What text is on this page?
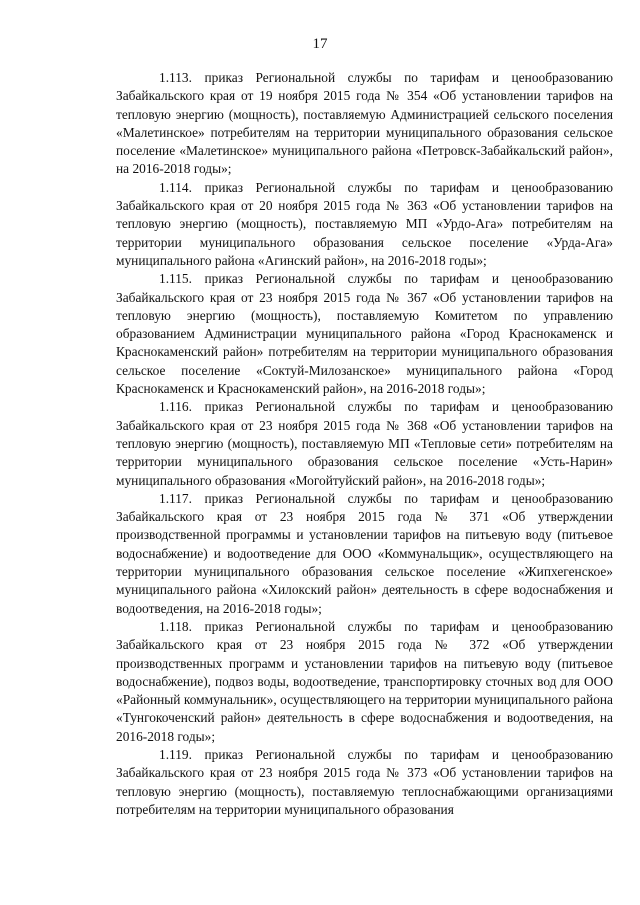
17

1.113. приказ Региональной службы по тарифам и ценообразованию Забайкальского края от 19 ноября 2015 года № 354 «Об установлении тарифов на тепловую энергию (мощность), поставляемую Администрацией сельского поселения «Малетинское» потребителям на территории муниципального образования сельское поселение «Малетинское» муниципального района «Петровск-Забайкальский район», на 2016-2018 годы»;

1.114. приказ Региональной службы по тарифам и ценообразованию Забайкальского края от 20 ноября 2015 года № 363 «Об установлении тарифов на тепловую энергию (мощность), поставляемую МП «Урдо-Ага» потребителям на территории муниципального образования сельское поселение «Урда-Ага» муниципального района «Агинский район», на 2016-2018 годы»;

1.115. приказ Региональной службы по тарифам и ценообразованию Забайкальского края от 23 ноября 2015 года № 367 «Об установлении тарифов на тепловую энергию (мощность), поставляемую Комитетом по управлению образованием Администрации муниципального района «Город Краснокаменск и Краснокаменский район» потребителям на территории муниципального образования сельское поселение «Соктуй-Милозанское» муниципального района «Город Краснокаменск и Краснокаменский район», на 2016-2018 годы»;

1.116. приказ Региональной службы по тарифам и ценообразованию Забайкальского края от 23 ноября 2015 года № 368 «Об установлении тарифов на тепловую энергию (мощность), поставляемую МП «Тепловые сети» потребителям на территории муниципального образования сельское поселение «Усть-Нарин» муниципального образования «Могойтуйский район», на 2016-2018 годы»;

1.117. приказ Региональной службы по тарифам и ценообразованию Забайкальского края от 23 ноября 2015 года № 371 «Об утверждении производственной программы и установлении тарифов на питьевую воду (питьевое водоснабжение) и водоотведение для ООО «Коммунальщик», осуществляющего на территории муниципального образования сельское поселение «Жипхегенское» муниципального района «Хилокский район» деятельность в сфере водоснабжения и водоотведения, на 2016-2018 годы»;

1.118. приказ Региональной службы по тарифам и ценообразованию Забайкальского края от 23 ноября 2015 года № 372 «Об утверждении производственных программ и установлении тарифов на питьевую воду (питьевое водоснабжение), подвоз воды, водоотведение, транспортировку сточных вод для ООО «Районный коммунальник», осуществляющего на территории муниципального района «Тунгокоченский район» деятельность в сфере водоснабжения и водоотведения, на 2016-2018 годы»;

1.119. приказ Региональной службы по тарифам и ценообразованию Забайкальского края от 23 ноября 2015 года № 373 «Об установлении тарифов на тепловую энергию (мощность), поставляемую теплоснабжающими организациями потребителям на территории муниципального образования
